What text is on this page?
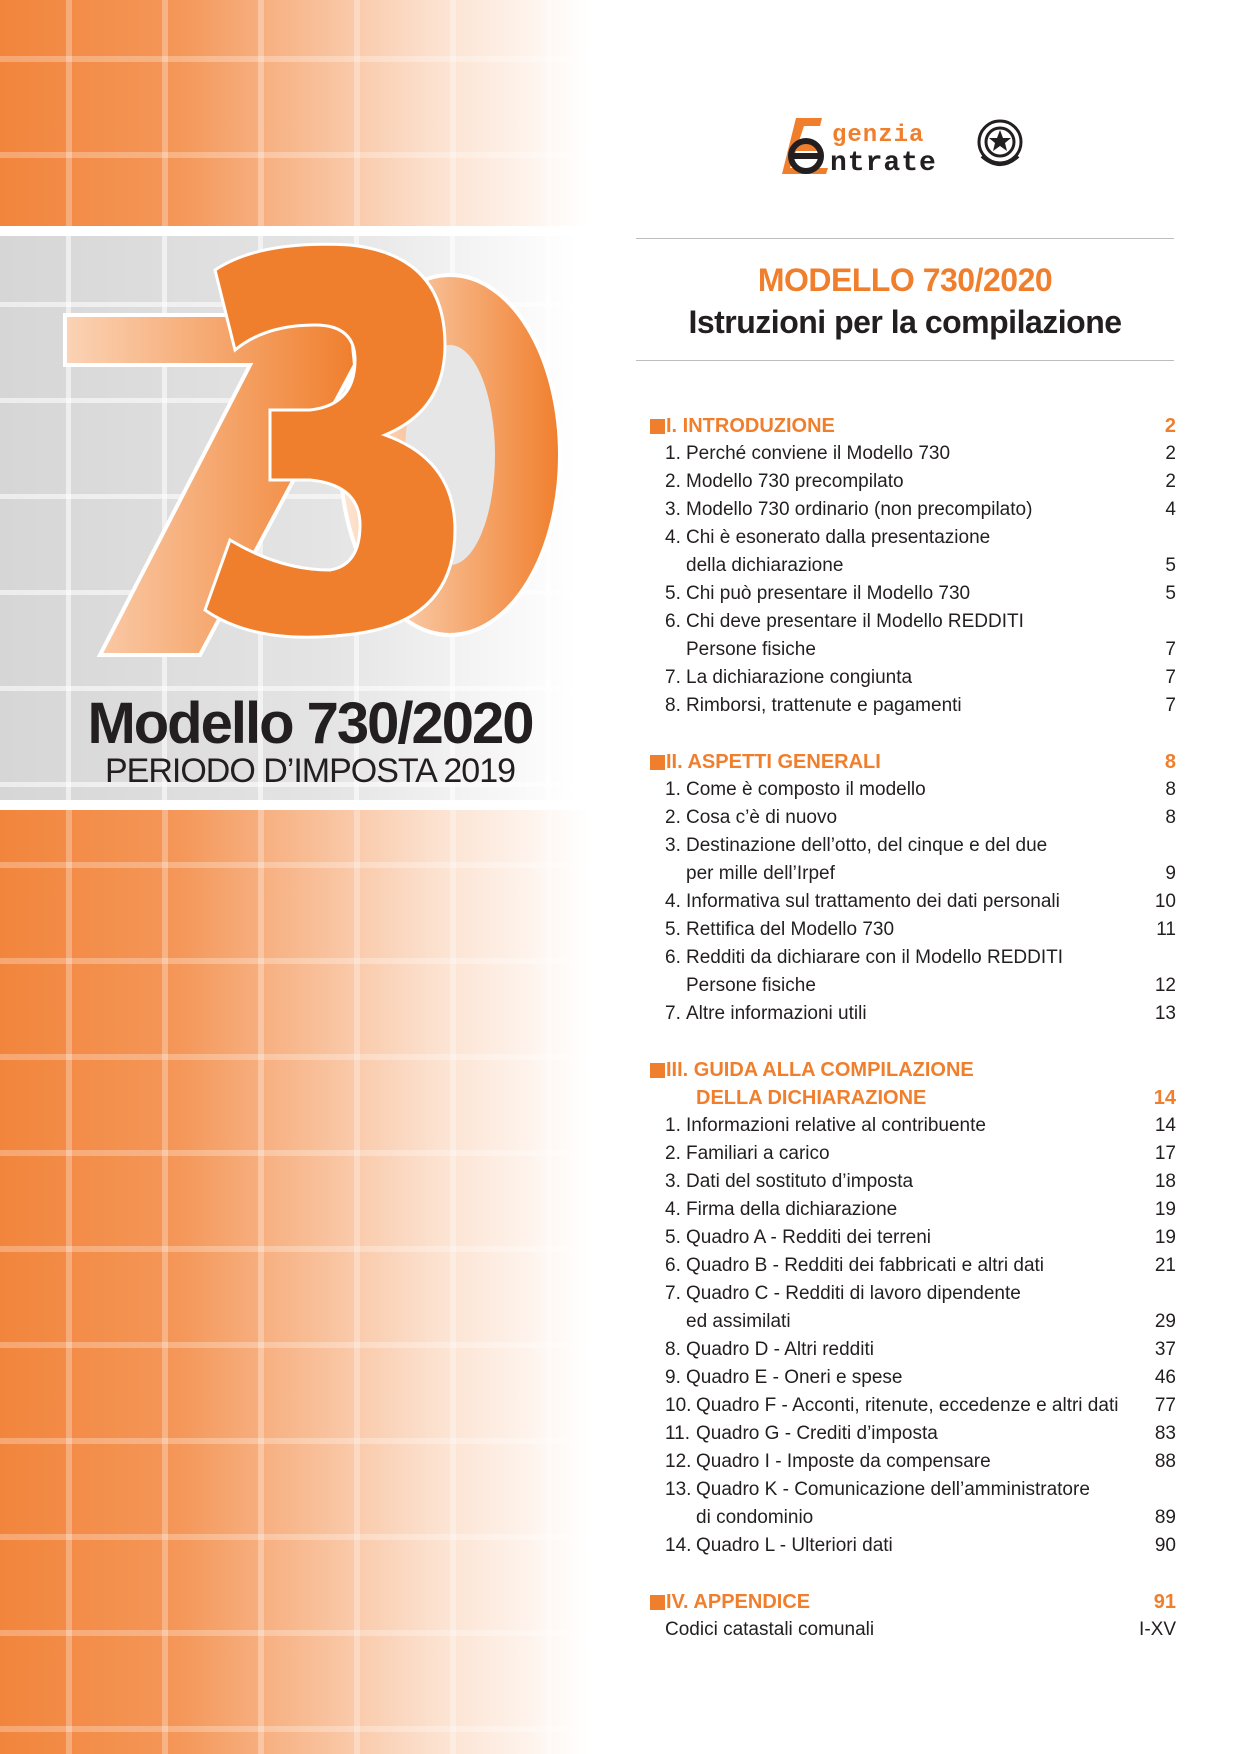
Modello 730/2020
PERIODO D’IMPOSTA 2019
genzia
ntrate
MODELLO 730/2020
Istruzioni per la compilazione
I. INTRODUZIONE	2
1. Perché conviene il Modello 730	2
2. Modello 730 precompilato	2
3. Modello 730 ordinario (non precompilato)	4
4. Chi è esonerato dalla presentazione
della dichiarazione	5
5. Chi può presentare il Modello 730	5
6. Chi deve presentare il Modello REDDITI
Persone fisiche	7
7. La dichiarazione congiunta	7
8. Rimborsi, trattenute e pagamenti	7
II. ASPETTI GENERALI	8
1. Come è composto il modello	8
2. Cosa c’è di nuovo	8
3. Destinazione dell’otto, del cinque e del due
per mille dell’Irpef	9
4. Informativa sul trattamento dei dati personali	10
5. Rettifica del Modello 730	11
6. Redditi da dichiarare con il Modello REDDITI
Persone fisiche	12
7. Altre informazioni utili	13
III. GUIDA ALLA COMPILAZIONE
DELLA DICHIARAZIONE	14
1. Informazioni relative al contribuente	14
2. Familiari a carico	17
3. Dati del sostituto d’imposta	18
4. Firma della dichiarazione	19
5. Quadro A - Redditi dei terreni	19
6. Quadro B - Redditi dei fabbricati e altri dati	21
7. Quadro C - Redditi di lavoro dipendente
ed assimilati	29
8. Quadro D - Altri redditi	37
9. Quadro E - Oneri e spese	46
10. Quadro F - Acconti, ritenute, eccedenze e altri dati 77
11. Quadro G - Crediti d’imposta	83
12. Quadro I - Imposte da compensare	88
13. Quadro K - Comunicazione dell’amministratore
di condominio	89
14. Quadro L - Ulteriori dati	90
IV. APPENDICE	91
Codici catastali comunali	I-XV
